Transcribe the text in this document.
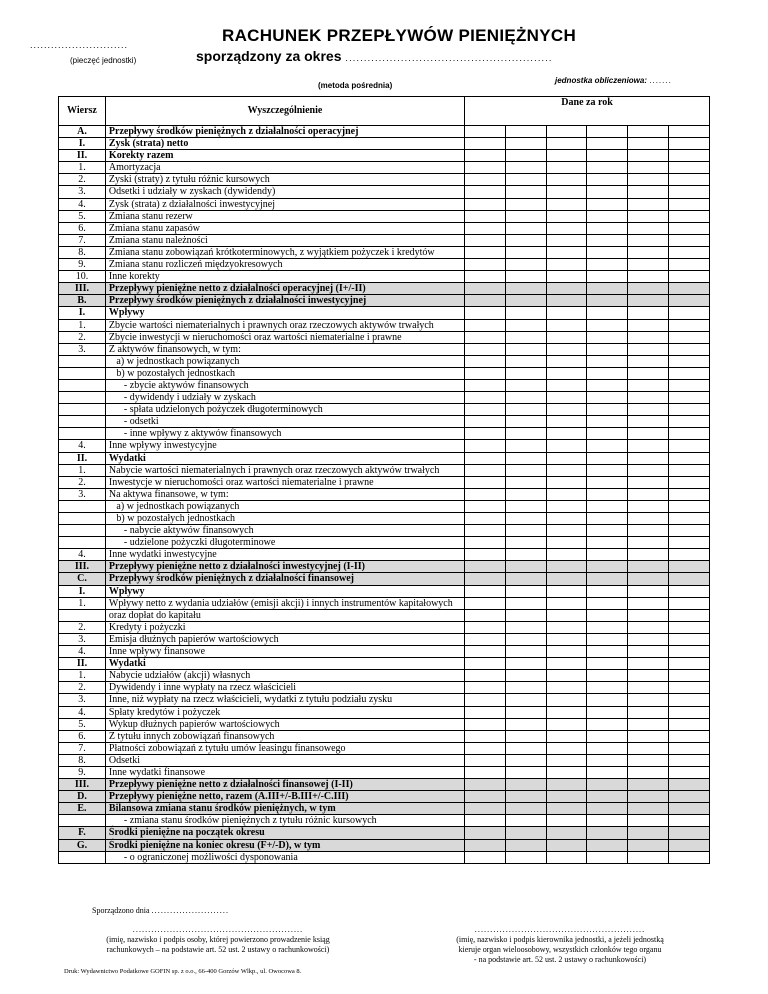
............................
(pieczęć jednostki)
RACHUNEK PRZEPŁYWÓW PIENIĘŻNYCH
sporządzony za okres ........................................................
(metoda pośrednia)
jednostka obliczeniowa: .......
Wiersz	Wyszczególnienie	Dane za rok					
A.	Przepływy środków pieniężnych z działalności operacyjnej						
I.	Zysk (strata) netto						
II.	Korekty razem						
1.	Amortyzacja						
2.	Zyski (straty) z tytułu różnic kursowych						
3.	Odsetki i udziały w zyskach (dywidendy)						
4.	Zysk (strata) z działalności inwestycyjnej						
5.	Zmiana stanu rezerw						
6.	Zmiana stanu zapasów						
7.	Zmiana stanu należności						
8.	Zmiana stanu zobowiązań krótkoterminowych, z wyjątkiem pożyczek i kredytów						
9.	Zmiana stanu rozliczeń międzyokresowych						
10.	Inne korekty						
III.	Przepływy pieniężne netto z działalności operacyjnej (I+/-II)						
B.	Przepływy środków pieniężnych z działalności inwestycyjnej						
I.	Wpływy						
1.	Zbycie wartości niematerialnych i prawnych oraz rzeczowych aktywów trwałych						
2.	Zbycie inwestycji w nieruchomości oraz wartości niematerialne i prawne						
3.	Z aktywów finansowych, w tym:						
	a) w jednostkach powiązanych						
	b) w pozostałych jednostkach						
	- zbycie aktywów finansowych						
	- dywidendy i udziały w zyskach						
	- spłata udzielonych pożyczek długoterminowych						
	- odsetki						
	- inne wpływy z aktywów finansowych						
4.	Inne wpływy inwestycyjne						
II.	Wydatki						
1.	Nabycie wartości niematerialnych i prawnych oraz rzeczowych aktywów trwałych						
2.	Inwestycje w nieruchomości oraz wartości niematerialne i prawne						
3.	Na aktywa finansowe, w tym:						
	a) w jednostkach powiązanych						
	b) w pozostałych jednostkach						
	- nabycie aktywów finansowych						
	- udzielone pożyczki długoterminowe						
4.	Inne wydatki inwestycyjne						
III.	Przepływy pieniężne netto z działalności inwestycyjnej (I-II)						
C.	Przepływy środków pieniężnych z działalności finansowej						
I.	Wpływy						
1.	Wpływy netto z wydania udziałów (emisji akcji) i innych instrumentów kapitałowych						
	oraz dopłat do kapitału						
2.	Kredyty i pożyczki						
3.	Emisja dłużnych papierów wartościowych						
4.	Inne wpływy finansowe						
II.	Wydatki						
1.	Nabycie udziałów (akcji) własnych						
2.	Dywidendy i inne wypłaty na rzecz właścicieli						
3.	Inne, niż wypłaty na rzecz właścicieli, wydatki z tytułu podziału zysku						
4.	Spłaty kredytów i pożyczek						
5.	Wykup dłużnych papierów wartościowych						
6.	Z tytułu innych zobowiązań finansowych						
7.	Płatności zobowiązań z tytułu umów leasingu finansowego						
8.	Odsetki						
9.	Inne wydatki finansowe						
III.	Przepływy pieniężne netto z działalności finansowej (I-II)						
D.	Przepływy pieniężne netto, razem (A.III+/-B.III+/-C.III)						
E.	Bilansowa zmiana stanu środków pieniężnych, w tym						
	- zmiana stanu środków pieniężnych z tytułu różnic kursowych						
F.	Środki pieniężne na początek okresu						
G.	Środki pieniężne na koniec okresu (F+/-D), w tym						
	- o ograniczonej możliwości dysponowania						
Sporządzono dnia .........................
.......................................................
(imię, nazwisko i podpis osoby, której powierzono prowadzenie ksiąg
rachunkowych – na podstawie art. 52 ust. 2 ustawy o rachunkowości)
.......................................................
(imię, nazwisko i podpis kierownika jednostki, a jeżeli jednostką
kieruje organ wieloosobowy, wszystkich członków tego organu
- na podstawie art. 52 ust. 2 ustawy o rachunkowości)
Druk: Wydawnictwo Podatkowe GOFIN sp. z o.o., 66-400 Gorzów Wlkp., ul. Owocowa 8.
